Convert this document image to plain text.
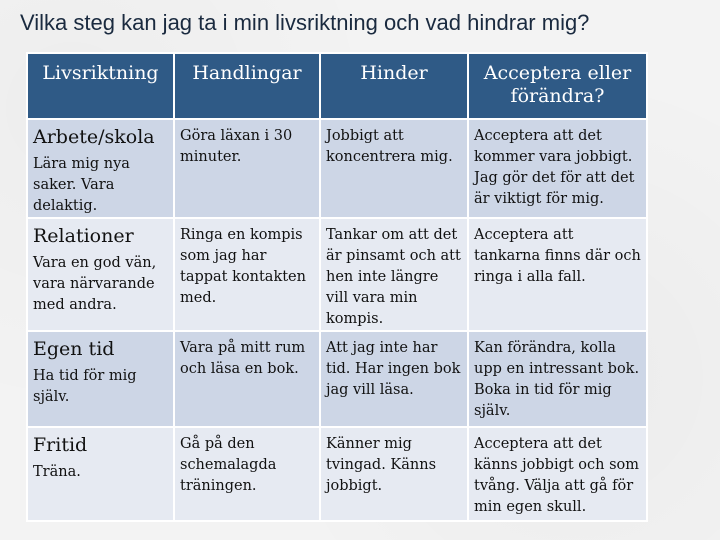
Vilka steg kan jag ta i min livsriktning och vad hindrar mig?
Livsriktning	Handlingar	Hinder	Acceptera eller förändra?

Arbete/skola
Lära mig nya saker. Vara delaktig.	Göra läxan i 30 minuter.	Jobbigt att koncentrera mig.	Acceptera att det kommer vara jobbigt. Jag gör det för att det är viktigt för mig.

Relationer
Vara en god vän, vara närvarande med andra.	Ringa en kompis som jag har tappat kontakten med.	Tankar om att det är pinsamt och att hen inte längre vill vara min kompis.	Acceptera att tankarna finns där och ringa i alla fall.

Egen tid
Ha tid för mig själv.	Vara på mitt rum och läsa en bok.	Att jag inte har tid. Har ingen bok jag vill läsa.	Kan förändra, kolla upp en intressant bok. Boka in tid för mig själv.

Fritid
Träna.	Gå på den schemalagda träningen.	Känner mig tvingad. Känns jobbigt.	Acceptera att det känns jobbigt och som tvång. Välja att gå för min egen skull.
